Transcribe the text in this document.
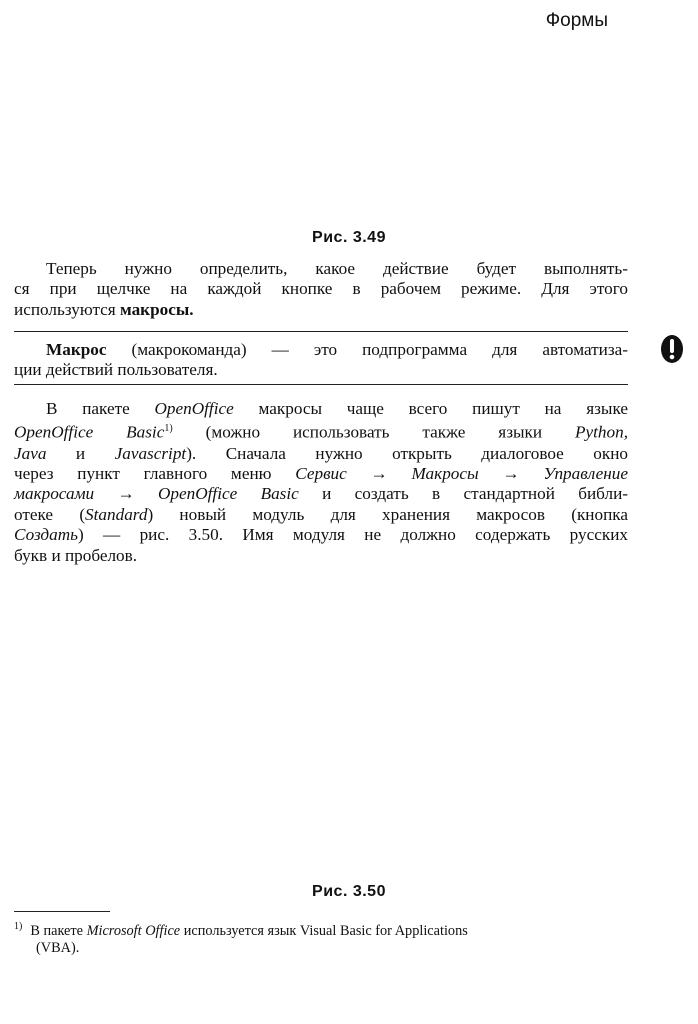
Формы
Рис. 3.49
Теперь нужно определить, какое действие будет выполнять-
ся при щелчке на каждой кнопке в рабочем режиме. Для этого
используются макросы.
Макрос (макрокоманда) — это подпрограмма для автоматиза-
ции действий пользователя.
В пакете OpenOffice макросы чаще всего пишут на языке
OpenOffice Basic$^{1)}$ (можно использовать также языки Python,
Java и Javascript). Сначала нужно открыть диалоговое окно
через пункт главного меню Сервис → Макросы → Управление
макросами → OpenOffice Basic и создать в стандартной библи-
отеке (Standard) новый модуль для хранения макросов (кнопка
Создать) — рис. 3.50. Имя модуля не должно содержать русских
букв и пробелов.
Рис. 3.50
$^{1)}$ В пакете Microsoft Office используется язык Visual Basic for Applications
(VBA).
